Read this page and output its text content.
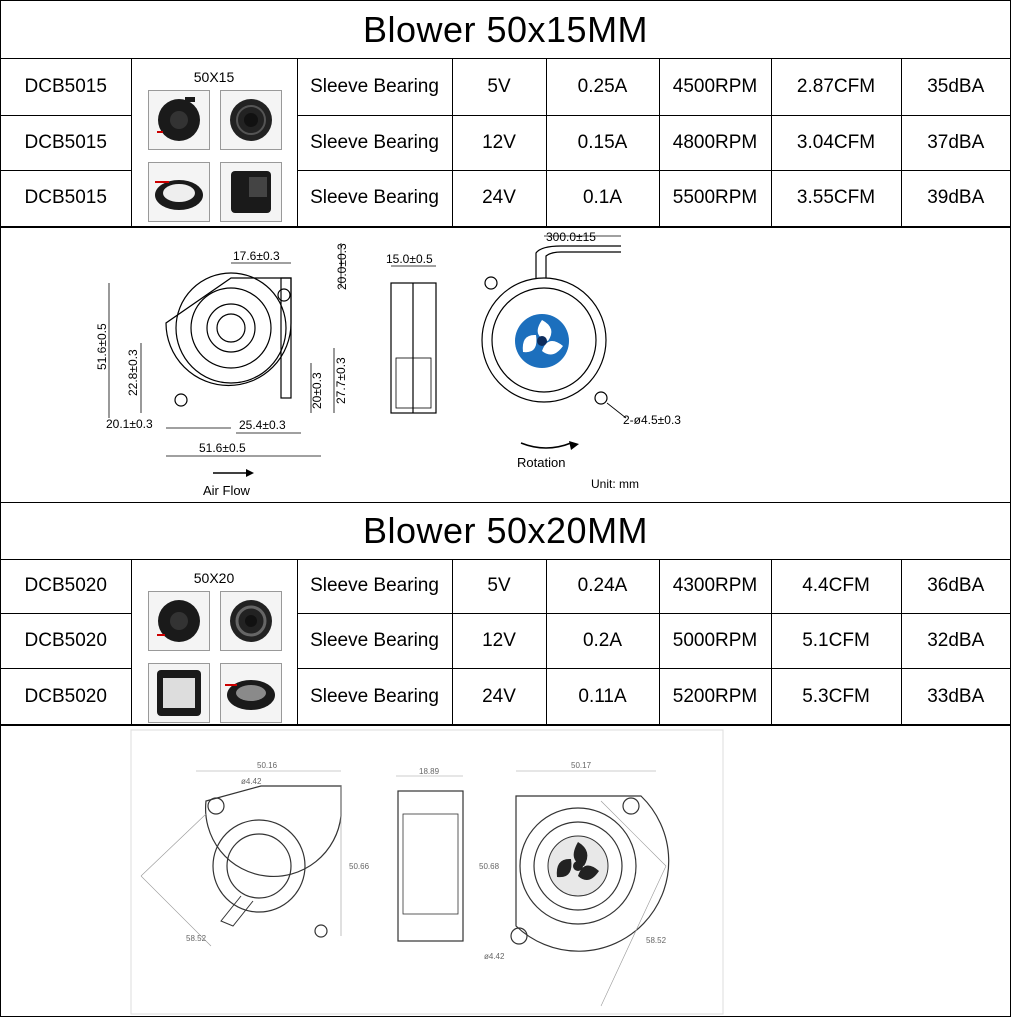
Blower 50x15MM
DCB5015	50X15	Sleeve Bearing	5V	0.25A	4500RPM	2.87CFM	35dBA
DCB5015		Sleeve Bearing	12V	0.15A	4800RPM	3.04CFM	37dBA
DCB5015		Sleeve Bearing	24V	0.1A	5500RPM	3.55CFM	39dBA
17.6±0.3	20.0±0.3	15.0±0.5
300.0±15
51.6±0.5
22.8±0.3	20±0.3 27.7±0.3
20.1±0.3	25.4±0.3
51.6±0.5
2-ø4.5±0.3
Air Flow
Rotation
Unit: mm
Blower 50x20MM
DCB5020	50X20	Sleeve Bearing	5V	0.24A	4300RPM	4.4CFM	36dBA
DCB5020		Sleeve Bearing	12V	0.2A	5000RPM	5.1CFM	32dBA
DCB5020		Sleeve Bearing	24V	0.11A	5200RPM	5.3CFM	33dBA
50.16
ø4.42
18.89
50.17
50.66	50.68
58.52	58.52
ø4.42
